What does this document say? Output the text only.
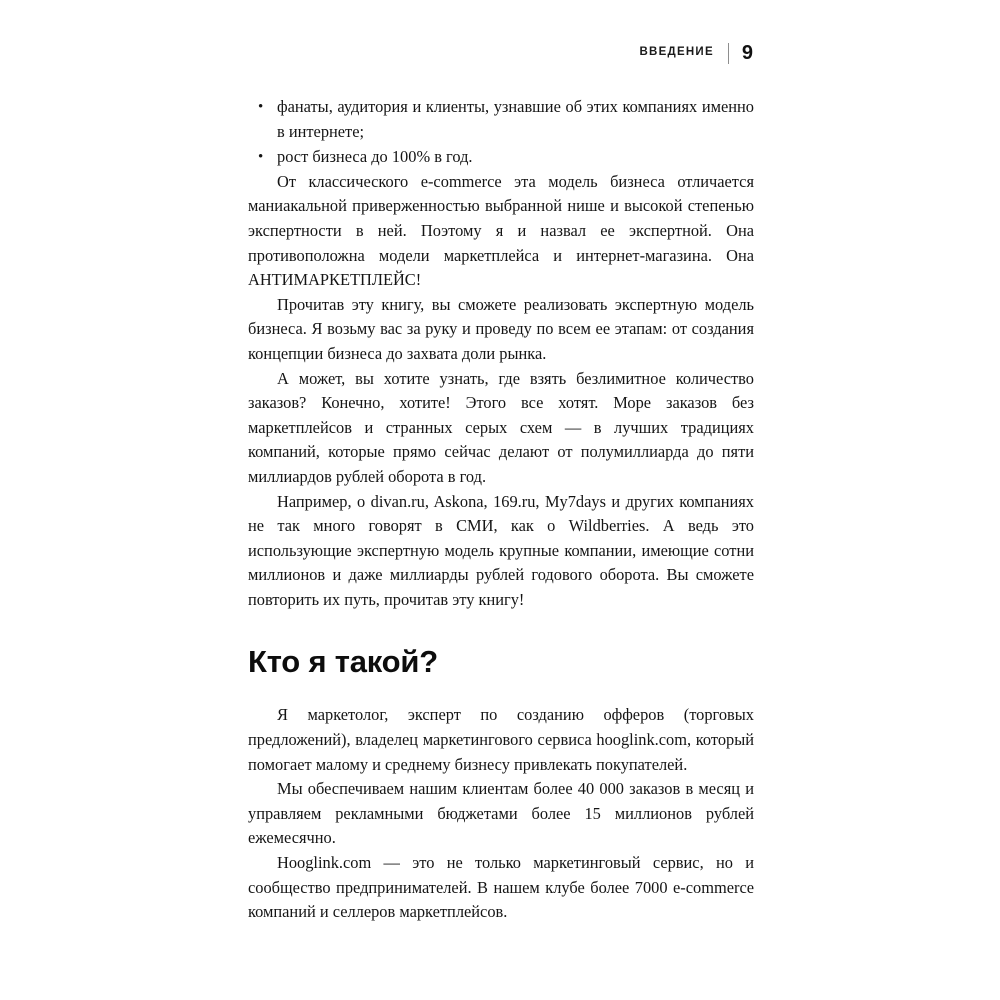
ВВЕДЕНИЕ 9
• фанаты, аудитория и клиенты, узнавшие об этих компаниях именно в интернете;
• рост бизнеса до 100% в год.

От классического e-commerce эта модель бизнеса отличается маниакальной приверженностью выбранной нише и высокой степенью экспертности в ней. Поэтому я и назвал ее экспертной. Она противоположна модели маркетплейса и интернет-магазина. Она АНТИМАРКЕТПЛЕЙС!

Прочитав эту книгу, вы сможете реализовать экспертную модель бизнеса. Я возьму вас за руку и проведу по всем ее этапам: от создания концепции бизнеса до захвата доли рынка.

А может, вы хотите узнать, где взять безлимитное количество заказов? Конечно, хотите! Этого все хотят. Море заказов без маркетплейсов и странных серых схем — в лучших традициях компаний, которые прямо сейчас делают от полумиллиарда до пяти миллиардов рублей оборота в год.

Например, о divan.ru, Askona, 169.ru, My7days и других компаниях не так много говорят в СМИ, как о Wildberries. А ведь это использующие экспертную модель крупные компании, имеющие сотни миллионов и даже миллиарды рублей годового оборота. Вы сможете повторить их путь, прочитав эту книгу!

Кто я такой?

Я маркетолог, эксперт по созданию офферов (торговых предложений), владелец маркетингового сервиса hooglink.com, который помогает малому и среднему бизнесу привлекать покупателей.

Мы обеспечиваем нашим клиентам более 40 000 заказов в месяц и управляем рекламными бюджетами более 15 миллионов рублей ежемесячно.

Hooglink.com — это не только маркетинговый сервис, но и сообщество предпринимателей. В нашем клубе более 7000 e-commerce компаний и селлеров маркетплейсов.
